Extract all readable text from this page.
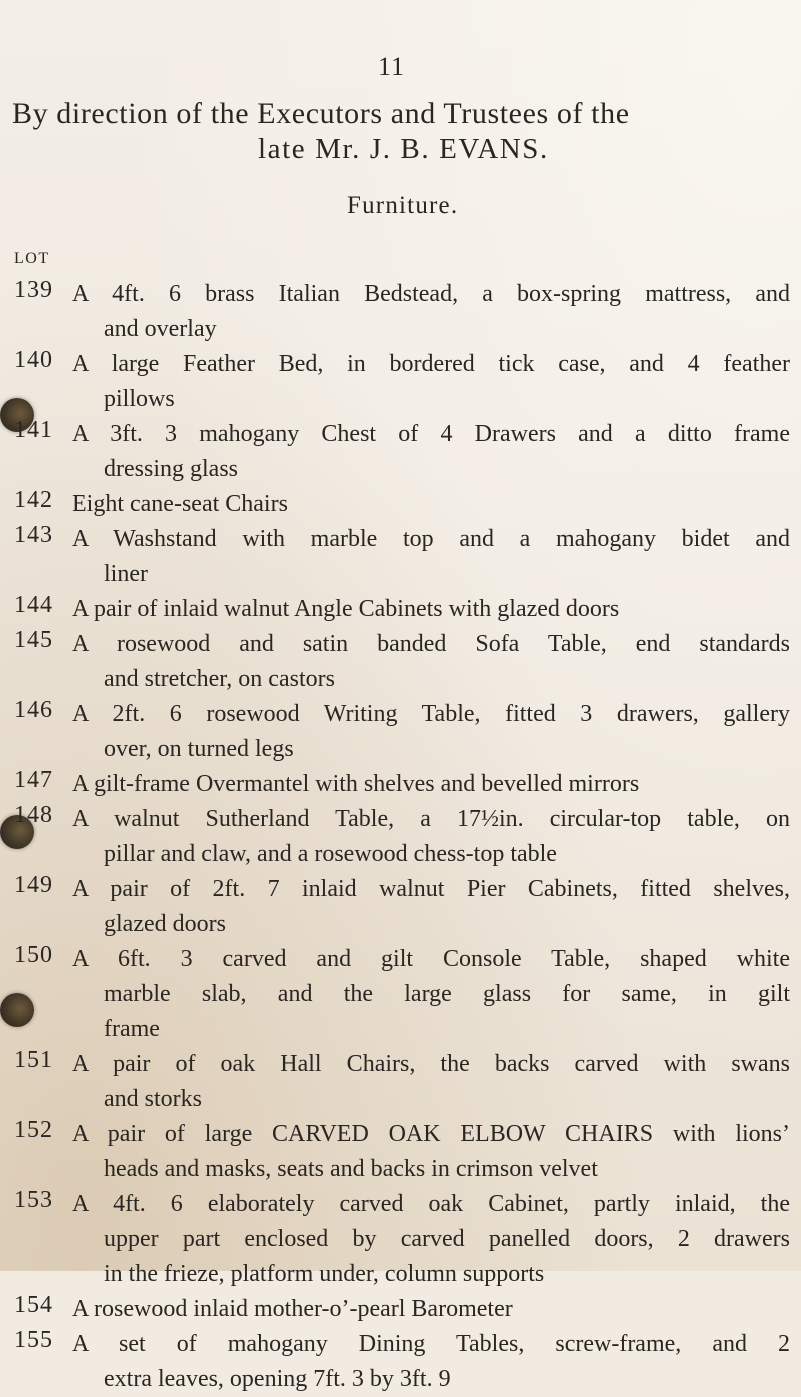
11
By direction of the Executors and Trustees of the
late Mr. J. B. EVANS.
Furniture.
LOT
139 A 4ft. 6 brass Italian Bedstead, a box-spring mattress, and
and overlay
140 A large Feather Bed, in bordered tick case, and 4 feather
pillows
141 A 3ft. 3 mahogany Chest of 4 Drawers and a ditto frame
dressing glass
142 Eight cane-seat Chairs
143 A Washstand with marble top and a mahogany bidet and
liner
144 A pair of inlaid walnut Angle Cabinets with glazed doors
145 A rosewood and satin banded Sofa Table, end standards
and stretcher, on castors
146 A 2ft. 6 rosewood Writing Table, fitted 3 drawers, gallery
over, on turned legs
147 A gilt-frame Overmantel with shelves and bevelled mirrors
148 A walnut Sutherland Table, a 17½in. circular-top table, on
pillar and claw, and a rosewood chess-top table
149 A pair of 2ft. 7 inlaid walnut Pier Cabinets, fitted shelves,
glazed doors
150 A 6ft. 3 carved and gilt Console Table, shaped white
marble slab, and the large glass for same, in gilt
frame
151 A pair of oak Hall Chairs, the backs carved with swans
and storks
152 A pair of large CARVED OAK ELBOW CHAIRS with lions’
heads and masks, seats and backs in crimson velvet
153 A 4ft. 6 elaborately carved oak Cabinet, partly inlaid, the
upper part enclosed by carved panelled doors, 2 drawers
in the frieze, platform under, column supports
154 A rosewood inlaid mother-o’-pearl Barometer
155 A set of mahogany Dining Tables, screw-frame, and 2
extra leaves, opening 7ft. 3 by 3ft. 9
